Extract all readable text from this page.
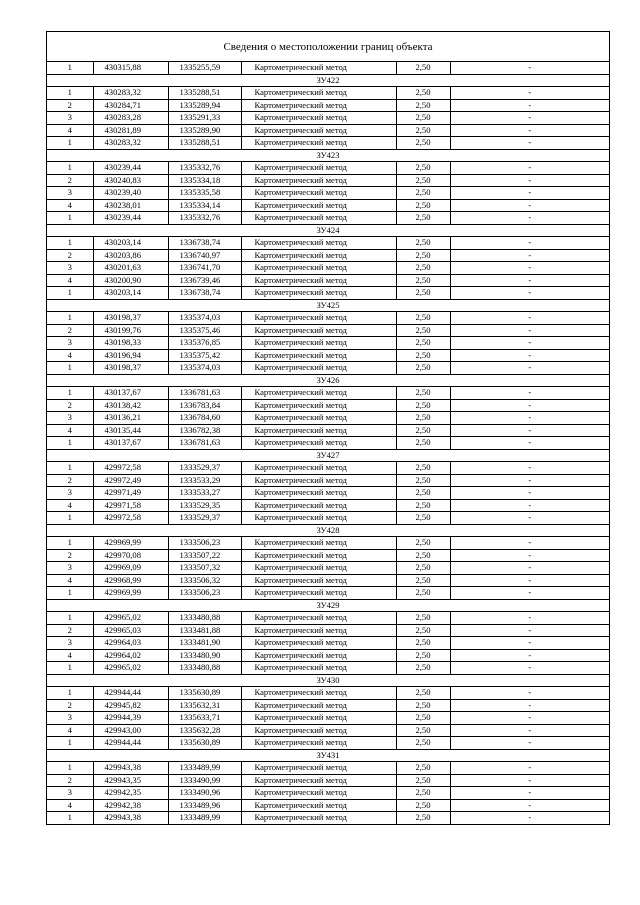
Сведения о местоположении границ объекта
1	430315,88	1335255,59	Картометрический метод	2,50	-
ЗУ422					
1	430283,32	1335288,51	Картометрический метод	2,50	-
2	430284,71	1335289,94	Картометрический метод	2,50	-
3	430283,28	1335291,33	Картометрический метод	2,50	-
4	430281,89	1335289,90	Картометрический метод	2,50	-
1	430283,32	1335288,51	Картометрический метод	2,50	-
ЗУ423					
1	430239,44	1335332,76	Картометрический метод	2,50	-
2	430240,83	1335334,18	Картометрический метод	2,50	-
3	430239,40	1335335,58	Картометрический метод	2,50	-
4	430238,01	1335334,14	Картометрический метод	2,50	-
1	430239,44	1335332,76	Картометрический метод	2,50	-
ЗУ424					
1	430203,14	1336738,74	Картометрический метод	2,50	-
2	430203,86	1336740,97	Картометрический метод	2,50	-
3	430201,63	1336741,70	Картометрический метод	2,50	-
4	430200,90	1336739,46	Картометрический метод	2,50	-
1	430203,14	1336738,74	Картометрический метод	2,50	-
ЗУ425					
1	430198,37	1335374,03	Картометрический метод	2,50	-
2	430199,76	1335375,46	Картометрический метод	2,50	-
3	430198,33	1335376,85	Картометрический метод	2,50	-
4	430196,94	1335375,42	Картометрический метод	2,50	-
1	430198,37	1335374,03	Картометрический метод	2,50	-
ЗУ426					
1	430137,67	1336781,63	Картометрический метод	2,50	-
2	430138,42	1336783,84	Картометрический метод	2,50	-
3	430136,21	1336784,60	Картометрический метод	2,50	-
4	430135,44	1336782,38	Картометрический метод	2,50	-
1	430137,67	1336781,63	Картометрический метод	2,50	-
ЗУ427					
1	429972,58	1333529,37	Картометрический метод	2,50	-
2	429972,49	1333533,29	Картометрический метод	2,50	-
3	429971,49	1333533,27	Картометрический метод	2,50	-
4	429971,58	1333529,35	Картометрический метод	2,50	-
1	429972,58	1333529,37	Картометрический метод	2,50	-
ЗУ428					
1	429969,99	1333506,23	Картометрический метод	2,50	-
2	429970,08	1333507,22	Картометрический метод	2,50	-
3	429969,09	1333507,32	Картометрический метод	2,50	-
4	429968,99	1333506,32	Картометрический метод	2,50	-
1	429969,99	1333506,23	Картометрический метод	2,50	-
ЗУ429					
1	429965,02	1333480,88	Картометрический метод	2,50	-
2	429965,03	1333481,88	Картометрический метод	2,50	-
3	429964,03	1333481,90	Картометрический метод	2,50	-
4	429964,02	1333480,90	Картометрический метод	2,50	-
1	429965,02	1333480,88	Картометрический метод	2,50	-
ЗУ430					
1	429944,44	1335630,89	Картометрический метод	2,50	-
2	429945,82	1335632,31	Картометрический метод	2,50	-
3	429944,39	1335633,71	Картометрический метод	2,50	-
4	429943,00	1335632,28	Картометрический метод	2,50	-
1	429944,44	1335630,89	Картометрический метод	2,50	-
ЗУ431					
1	429943,38	1333489,99	Картометрический метод	2,50	-
2	429943,35	1333490,99	Картометрический метод	2,50	-
3	429942,35	1333490,96	Картометрический метод	2,50	-
4	429942,38	1333489,96	Картометрический метод	2,50	-
1	429943,38	1333489,99	Картометрический метод	2,50	-
